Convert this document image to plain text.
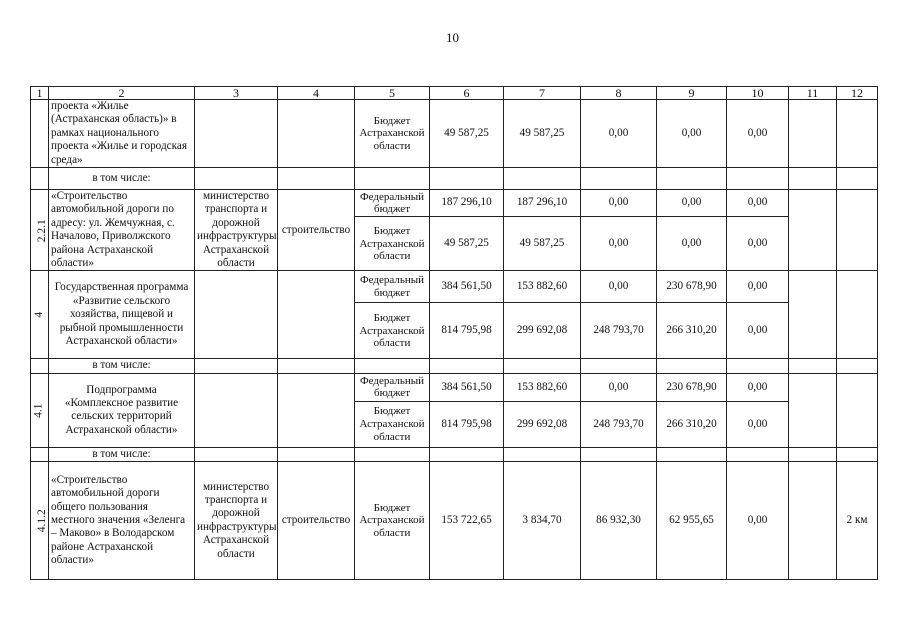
10
1	2	3	4	5	6	7	8	9	10	11	12
	проекта «Жилье (Астраханская область)» в рамках национального проекта «Жилье и городская среда»			Бюджет Астраханской области	49 587,25	49 587,25	0,00	0,00	0,00		
	в том числе:										
2.2.1	«Строительство автомобильной дороги по адресу: ул. Жемчужная, с. Началово, Приволжского района Астраханской области»	министерство транспорта и дорожной инфраструктуры Астраханской области	строительство	Федеральный бюджет	187 296,10	187 296,10	0,00	0,00	0,00		
				Бюджет Астраханской области	49 587,25	49 587,25	0,00	0,00	0,00		
4	Государственная программа «Развитие сельского хозяйства, пищевой и рыбной промышленности Астраханской области»			Федеральный бюджет	384 561,50	153 882,60	0,00	230 678,90	0,00		
				Бюджет Астраханской области	814 795,98	299 692,08	248 793,70	266 310,20	0,00		
	в том числе:										
4.1	Подпрограмма «Комплексное развитие сельских территорий Астраханской области»			Федеральный бюджет	384 561,50	153 882,60	0,00	230 678,90	0,00		
				Бюджет Астраханской области	814 795,98	299 692,08	248 793,70	266 310,20	0,00		
	в том числе:										
4.1.2	«Строительство автомобильной дороги общего пользования местного значения «Зеленга – Маково» в Володарском районе Астраханской области»	министерство транспорта и дорожной инфраструктуры Астраханской области	строительство	Бюджет Астраханской области	153 722,65	3 834,70	86 932,30	62 955,65	0,00		2 км
